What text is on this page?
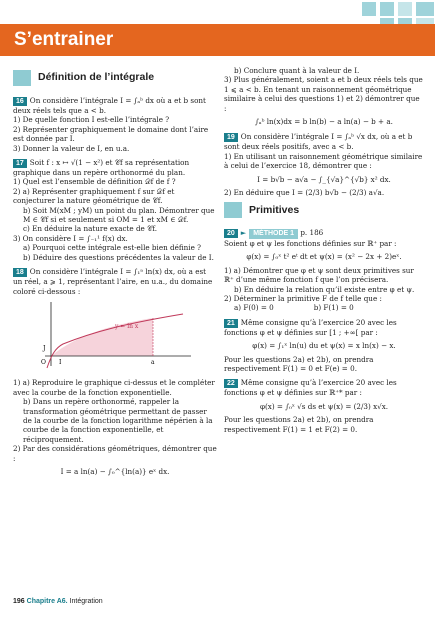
S’entrainer
Définition de l’intégrale
16 On considère l’intégrale I = ∫ₐᵇ dx où a et b sont deux réels tels que a < b.
1) De quelle fonction I est-elle l’intégrale ?
2) Représenter graphiquement le domaine dont l’aire est donnée par I.
3) Donner la valeur de I, en u.a.
17 Soit f : x ↦ √(1 − x²) et 𝒞f sa représentation graphique dans un repère orthonormé du plan.
1) Quel est l’ensemble de définition 𝒟f de f ?
2) a) Représenter graphiquement f sur 𝒟f et conjecturer la nature géométrique de 𝒞f.
b) Soit M(xM ; yM) un point du plan. Démontrer que M ∈ 𝒞f si et seulement si OM = 1 et xM ∈ 𝒟f.
c) En déduire la nature exacte de 𝒞f.
3) On considère I = ∫₋₁¹ f(x) dx.
a) Pourquoi cette intégrale est-elle bien définie ?
b) Déduire des questions précédentes la valeur de I.
18 On considère l’intégrale I = ∫₁ᵃ ln(x) dx, où a est un réel, a ⩾ 1, représentant l’aire, en u.a., du domaine coloré ci-dessous :
y = ln x
J
O I	a
1) a) Reproduire le graphique ci-dessus et le compléter avec la courbe de la fonction exponentielle.
b) Dans un repère orthonormé, rappeler la transformation géométrique permettant de passer de la courbe de la fonction logarithme népérien à la courbe de la fonction exponentielle, et réciproquement.
2) Par des considérations géométriques, démontrer que :
I = a ln(a) − ∫₀^{ln(a)} eˣ dx.
b) Conclure quant à la valeur de I.
3) Plus généralement, soient a et b deux réels tels que 1 ⩽ a < b. En tenant un raisonnement géométrique similaire à celui des questions 1) et 2) démontrer que :
∫ₐᵇ ln(x)dx = b ln(b) − a ln(a) − b + a.
19 On considère l’intégrale I = ∫ₐᵇ √x dx, où a et b sont deux réels positifs, avec a < b.
1) En utilisant un raisonnement géométrique similaire à celui de l’exercice 18, démontrer que :
I = b√b − a√a − ∫_{√a}^{√b} x² dx.
2) En déduire que I = (2/3) b√b − (2/3) a√a.
Primitives
20 ► MÉTHODE 1 p. 186
Soient φ et ψ les fonctions définies sur ℝ⁺ par :
φ(x) = ∫₀ˣ t² eᵗ dt et ψ(x) = (x² − 2x + 2)eˣ.
1) a) Démontrer que φ et ψ sont deux primitives sur ℝ⁺ d’une même fonction f que l’on précisera.
b) En déduire la relation qu’il existe entre φ et ψ.
2) Déterminer la primitive F de f telle que :
a) F(0) = 0	b) F(1) = 0
21 Même consigne qu’à l’exercice 20 avec les fonctions φ et ψ définies sur [1 ; +∞[ par :
φ(x) = ∫₁ˣ ln(u) du et ψ(x) = x ln(x) − x.
Pour les questions 2a) et 2b), on prendra respectivement F(1) = 0 et F(e) = 0.
22 Même consigne qu’à l’exercice 20 avec les fonctions φ et ψ définies sur ℝ⁺* par :
φ(x) = ∫₀ˣ √s ds et ψ(x) = (2/3) x√x.
Pour les questions 2a) et 2b), on prendra respectivement F(1) = 1 et F(2) = 0.
196 Chapitre A6. Intégration
